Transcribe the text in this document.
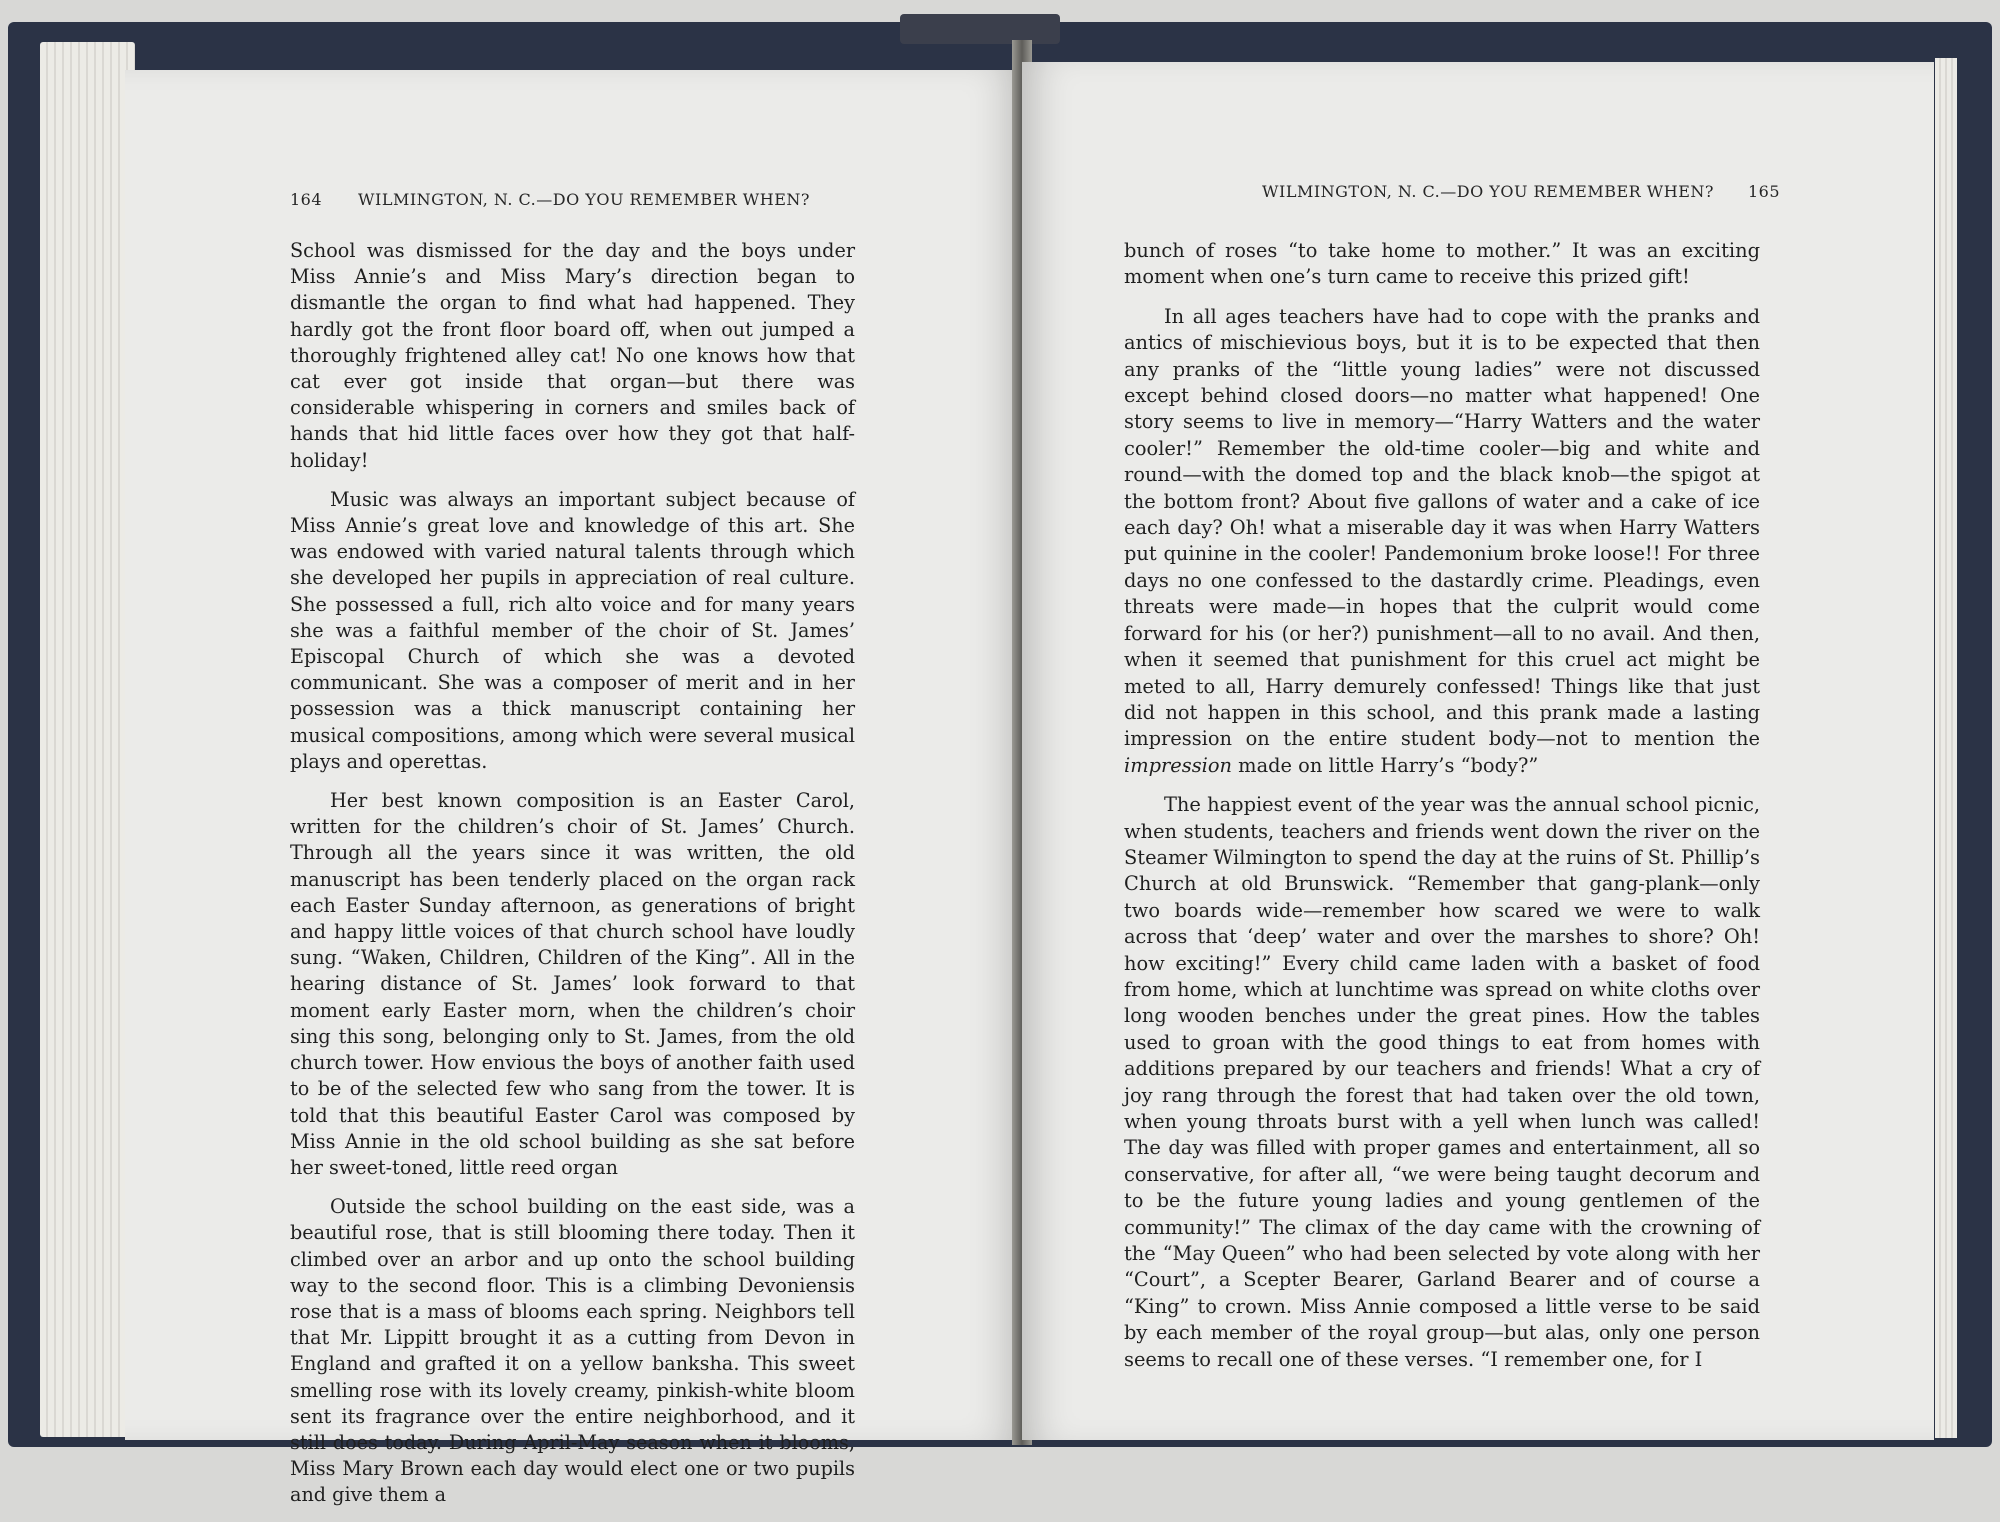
164 WILMINGTON, N. C.—DO YOU REMEMBER WHEN?

School was dismissed for the day and the boys under Miss Annie’s and Miss Mary’s direction began to dismantle the organ to find what had happened. They hardly got the front floor board off, when out jumped a thoroughly frightened alley cat! No one knows how that cat ever got inside that organ—but there was considerable whispering in corners and smiles back of hands that hid little faces over how they got that half-holiday!

Music was always an important subject because of Miss Annie’s great love and knowledge of this art. She was endowed with varied natural talents through which she developed her pupils in appreciation of real culture. She possessed a full, rich alto voice and for many years she was a faithful member of the choir of St. James’ Episcopal Church of which she was a devoted communicant. She was a composer of merit and in her possession was a thick manuscript containing her musical compositions, among which were several musical plays and operettas.

Her best known composition is an Easter Carol, written for the children’s choir of St. James’ Church. Through all the years since it was written, the old manuscript has been tenderly placed on the organ rack each Easter Sunday afternoon, as generations of bright and happy little voices of that church school have loudly sung. “Waken, Children, Children of the King”. All in the hearing distance of St. James’ look forward to that moment early Easter morn, when the children’s choir sing this song, belonging only to St. James, from the old church tower. How envious the boys of another faith used to be of the selected few who sang from the tower. It is told that this beautiful Easter Carol was composed by Miss Annie in the old school building as she sat before her sweet-toned, little reed organ

Outside the school building on the east side, was a beautiful rose, that is still blooming there today. Then it climbed over an arbor and up onto the school building way to the second floor. This is a climbing Devoniensis rose that is a mass of blooms each spring. Neighbors tell that Mr. Lippitt brought it as a cutting from Devon in England and grafted it on a yellow banksha. This sweet smelling rose with its lovely creamy, pinkish-white bloom sent its fragrance over the entire neighborhood, and it still does today. During April-May season when it blooms, Miss Mary Brown each day would elect one or two pupils and give them a

WILMINGTON, N. C.—DO YOU REMEMBER WHEN? 165

bunch of roses “to take home to mother.” It was an exciting moment when one’s turn came to receive this prized gift!

In all ages teachers have had to cope with the pranks and antics of mischievious boys, but it is to be expected that then any pranks of the “little young ladies” were not discussed except behind closed doors—no matter what happened! One story seems to live in memory—“Harry Watters and the water cooler!” Remember the old-time cooler—big and white and round—with the domed top and the black knob—the spigot at the bottom front? About five gallons of water and a cake of ice each day? Oh! what a miserable day it was when Harry Watters put quinine in the cooler! Pandemonium broke loose!! For three days no one confessed to the dastardly crime. Pleadings, even threats were made—in hopes that the culprit would come forward for his (or her?) punishment—all to no avail. And then, when it seemed that punishment for this cruel act might be meted to all, Harry demurely confessed! Things like that just did not happen in this school, and this prank made a lasting impression on the entire student body—not to mention the impression made on little Harry’s “body?”

The happiest event of the year was the annual school picnic, when students, teachers and friends went down the river on the Steamer Wilmington to spend the day at the ruins of St. Phillip’s Church at old Brunswick. “Remember that gang-plank—only two boards wide—remember how scared we were to walk across that ‘deep’ water and over the marshes to shore? Oh! how exciting!” Every child came laden with a basket of food from home, which at lunchtime was spread on white cloths over long wooden benches under the great pines. How the tables used to groan with the good things to eat from homes with additions prepared by our teachers and friends! What a cry of joy rang through the forest that had taken over the old town, when young throats burst with a yell when lunch was called! The day was filled with proper games and entertainment, all so conservative, for after all, “we were being taught decorum and to be the future young ladies and young gentlemen of the community!” The climax of the day came with the crowning of the “May Queen” who had been selected by vote along with her “Court”, a Scepter Bearer, Garland Bearer and of course a “King” to crown. Miss Annie composed a little verse to be said by each member of the royal group—but alas, only one person seems to recall one of these verses. “I remember one, for I
